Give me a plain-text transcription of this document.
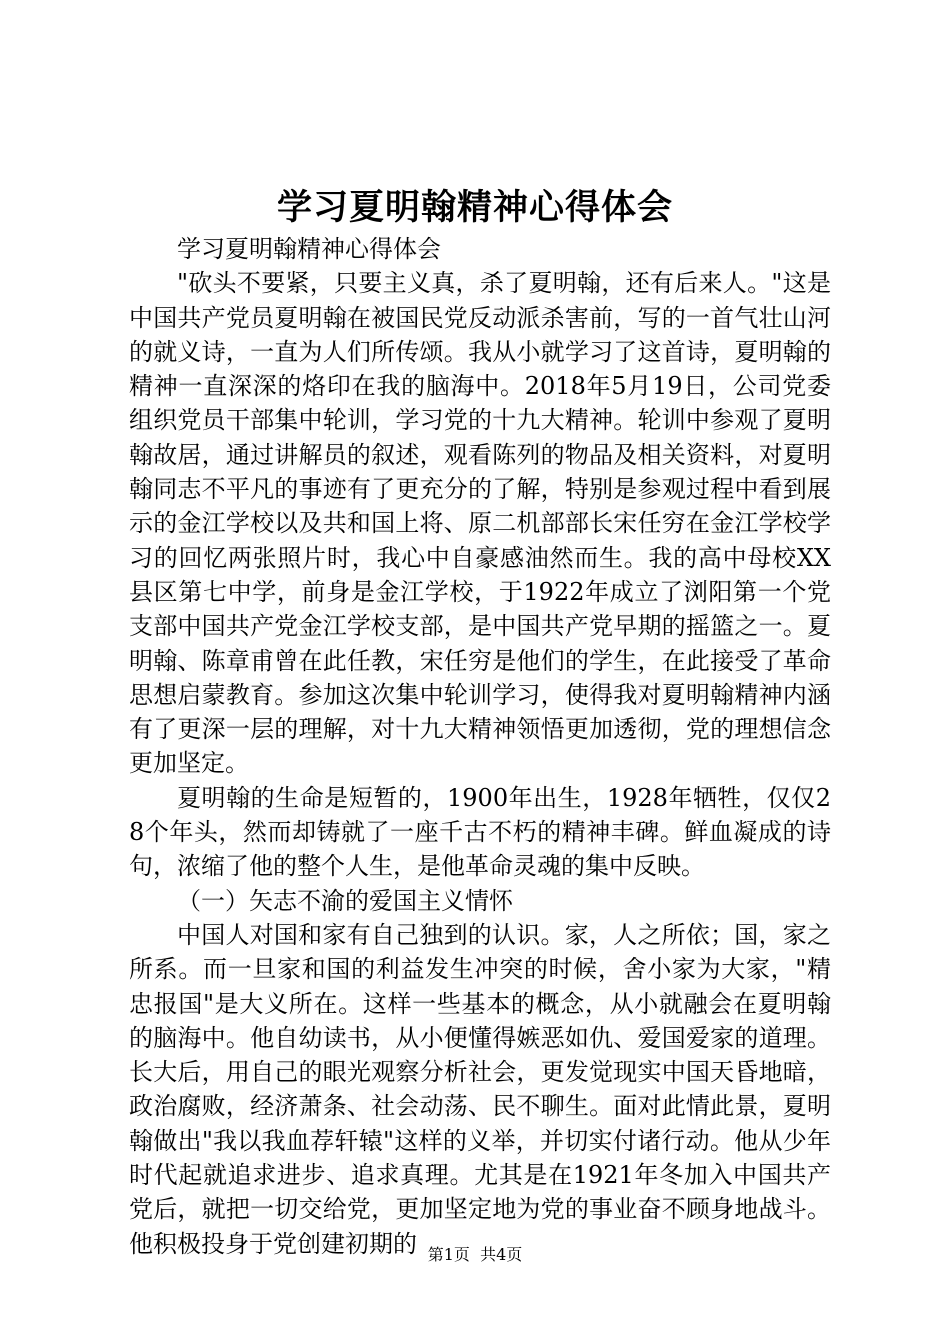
学习夏明翰精神心得体会

学习夏明翰精神心得体会

"砍头不要紧，只要主义真，杀了夏明翰，还有后来人。"这是中国共产党员夏明翰在被国民党反动派杀害前，写的一首气壮山河的就义诗，一直为人们所传颂。我从小就学习了这首诗，夏明翰的精神一直深深的烙印在我的脑海中。2018年5月19日，公司党委组织党员干部集中轮训，学习党的十九大精神。轮训中参观了夏明翰故居，通过讲解员的叙述，观看陈列的物品及相关资料，对夏明翰同志不平凡的事迹有了更充分的了解，特别是参观过程中看到展示的金江学校以及共和国上将、原二机部部长宋任穷在金江学校学习的回忆两张照片时，我心中自豪感油然而生。我的高中母校XX县区第七中学，前身是金江学校，于1922年成立了浏阳第一个党支部中国共产党金江学校支部，是中国共产党早期的摇篮之一。夏明翰、陈章甫曾在此任教，宋任穷是他们的学生，在此接受了革命思想启蒙教育。参加这次集中轮训学习，使得我对夏明翰精神内涵有了更深一层的理解，对十九大精神领悟更加透彻，党的理想信念更加坚定。

夏明翰的生命是短暂的，1900年出生，1928年牺牲，仅仅28个年头，然而却铸就了一座千古不朽的精神丰碑。鲜血凝成的诗句，浓缩了他的整个人生，是他革命灵魂的集中反映。

（一）矢志不渝的爱国主义情怀

中国人对国和家有自己独到的认识。家，人之所依；国，家之所系。而一旦家和国的利益发生冲突的时候，舍小家为大家，"精忠报国"是大义所在。这样一些基本的概念，从小就融会在夏明翰的脑海中。他自幼读书，从小便懂得嫉恶如仇、爱国爱家的道理。长大后，用自己的眼光观察分析社会，更发觉现实中国天昏地暗，政治腐败，经济萧条、社会动荡、民不聊生。面对此情此景，夏明翰做出"我以我血荐轩辕"这样的义举，并切实付诸行动。他从少年时代起就追求进步、追求真理。尤其是在1921年冬加入中国共产党后，就把一切交给党，更加坚定地为党的事业奋不顾身地战斗。他积极投身于党创建初期的 第1页 共4页
